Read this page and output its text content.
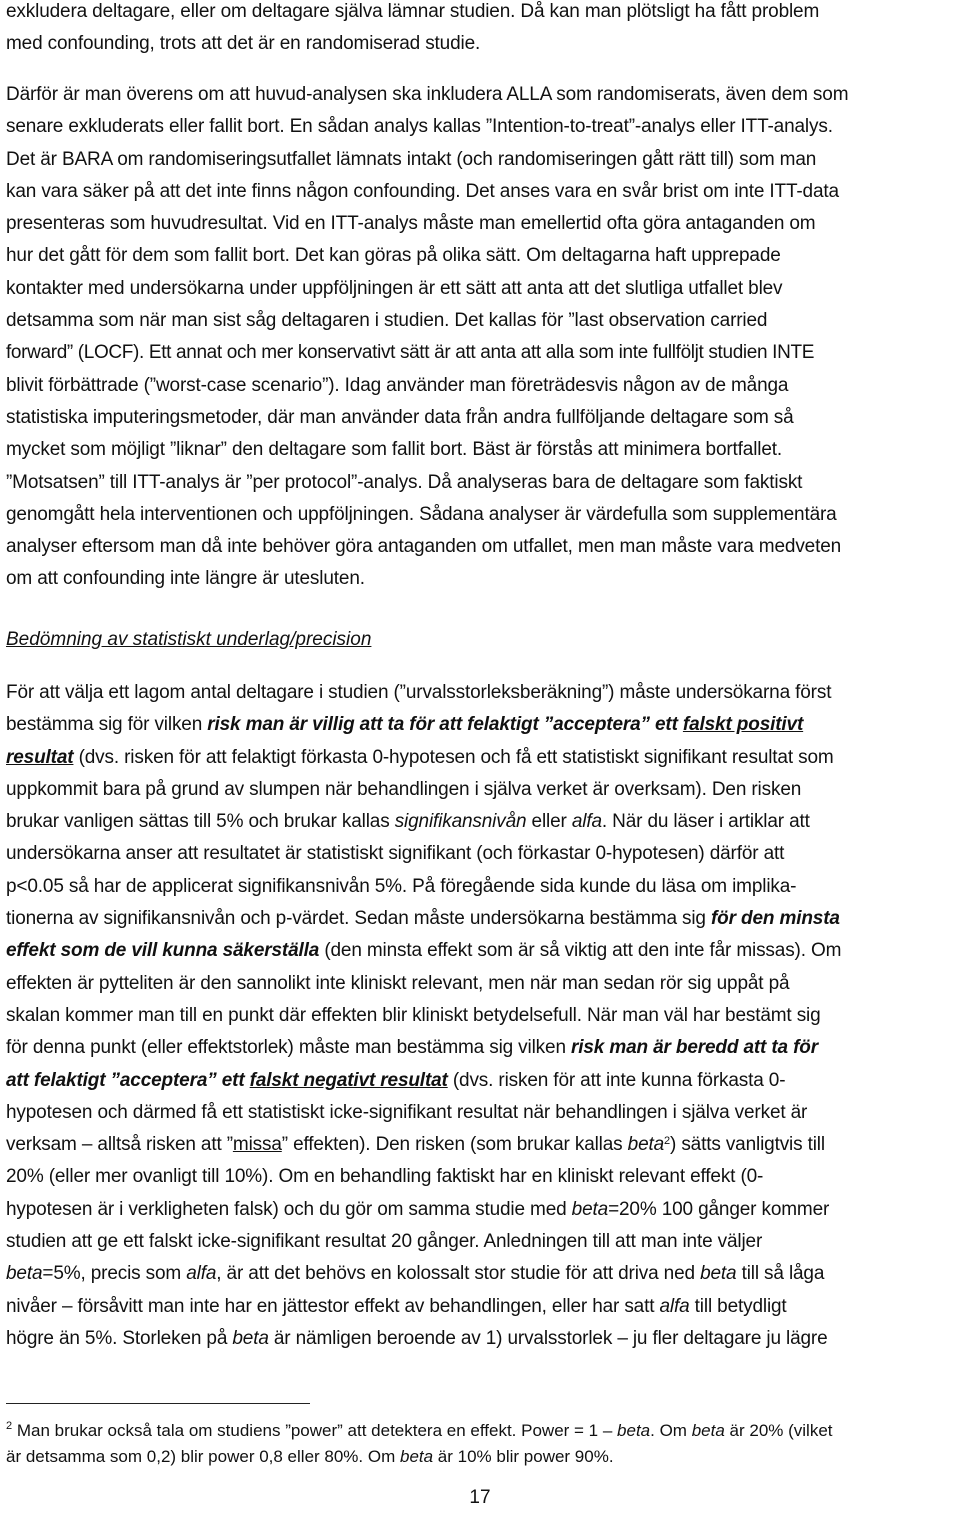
exkludera deltagare, eller om deltagare själva lämnar studien. Då kan man plötsligt ha fått problem
med confounding, trots att det är en randomiserad studie.
Därför är man överens om att huvud-analysen ska inkludera ALLA som randomiserats, även dem som
senare exkluderats eller fallit bort. En sådan analys kallas ”Intention-to-treat”-analys eller ITT-analys.
Det är BARA om randomiseringsutfallet lämnats intakt (och randomiseringen gått rätt till) som man
kan vara säker på att det inte finns någon confounding. Det anses vara en svår brist om inte ITT-data
presenteras som huvudresultat. Vid en ITT-analys måste man emellertid ofta göra antaganden om
hur det gått för dem som fallit bort. Det kan göras på olika sätt. Om deltagarna haft upprepade
kontakter med undersökarna under uppföljningen är ett sätt att anta att det slutliga utfallet blev
detsamma som när man sist såg deltagaren i studien. Det kallas för ”last observation carried
forward” (LOCF). Ett annat och mer konservativt sätt är att anta att alla som inte fullföljt studien INTE
blivit förbättrade (”worst-case scenario”). Idag använder man företrädesvis någon av de många
statistiska imputeringsmetoder, där man använder data från andra fullföljande deltagare som så
mycket som möjligt ”liknar” den deltagare som fallit bort. Bäst är förstås att minimera bortfallet.
”Motsatsen” till ITT-analys är ”per protocol”-analys. Då analyseras bara de deltagare som faktiskt
genomgått hela interventionen och uppföljningen. Sådana analyser är värdefulla som supplementära
analyser eftersom man då inte behöver göra antaganden om utfallet, men man måste vara medveten
om att confounding inte längre är utesluten.
Bedömning av statistiskt underlag/precision
För att välja ett lagom antal deltagare i studien (”urvalsstorleksberäkning”) måste undersökarna först
bestämma sig för vilken risk man är villig att ta för att felaktigt ”acceptera” ett falskt positivt
resultat (dvs. risken för att felaktigt förkasta 0-hypotesen och få ett statistiskt signifikant resultat som
uppkommit bara på grund av slumpen när behandlingen i själva verket är overksam). Den risken
brukar vanligen sättas till 5% och brukar kallas signifikansnivån eller alfa. När du läser i artiklar att
undersökarna anser att resultatet är statistiskt signifikant (och förkastar 0-hypotesen) därför att
p<0.05 så har de applicerat signifikansnivån 5%. På föregående sida kunde du läsa om implika-
tionerna av signifikansnivån och p-värdet. Sedan måste undersökarna bestämma sig för den minsta
effekt som de vill kunna säkerställa (den minsta effekt som är så viktig att den inte får missas). Om
effekten är pytteliten är den sannolikt inte kliniskt relevant, men när man sedan rör sig uppåt på
skalan kommer man till en punkt där effekten blir kliniskt betydelsefull. När man väl har bestämt sig
för denna punkt (eller effektstorlek) måste man bestämma sig vilken risk man är beredd att ta för
att felaktigt ”acceptera” ett falskt negativt resultat (dvs. risken för att inte kunna förkasta 0-
hypotesen och därmed få ett statistiskt icke-signifikant resultat när behandlingen i själva verket är
verksam – alltså risken att ”missa” effekten). Den risken (som brukar kallas beta$^2$) sätts vanligtvis till
20% (eller mer ovanligt till 10%). Om en behandling faktiskt har en kliniskt relevant effekt (0-
hypotesen är i verkligheten falsk) och du gör om samma studie med beta=20% 100 gånger kommer
studien att ge ett falskt icke-signifikant resultat 20 gånger. Anledningen till att man inte väljer
beta=5%, precis som alfa, är att det behövs en kolossalt stor studie för att driva ned beta till så låga
nivåer – försåvitt man inte har en jättestor effekt av behandlingen, eller har satt alfa till betydligt
högre än 5%. Storleken på beta är nämligen beroende av 1) urvalsstorlek – ju fler deltagare ju lägre
$^2$ Man brukar också tala om studiens ”power” att detektera en effekt. Power = 1 – beta. Om beta är 20% (vilket
är detsamma som 0,2) blir power 0,8 eller 80%. Om beta är 10% blir power 90%.
17
